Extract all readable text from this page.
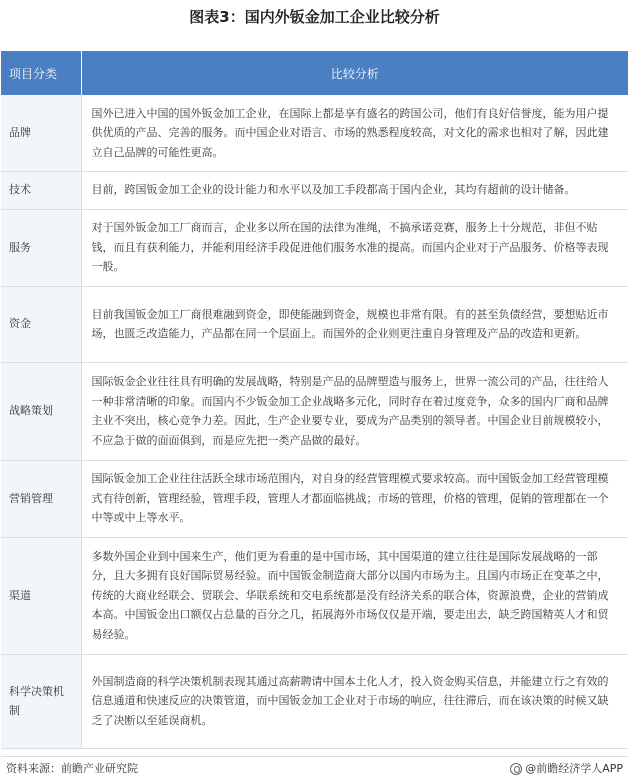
图表3：国内外钣金加工企业比较分析
项目分类	比较分析
品牌	国外已进入中国的国外钣金加工企业，在国际上都是享有盛名的跨国公司，他们有良好信誉度，能为用户提供优质的产品、完善的服务。而中国企业对语言、市场的熟悉程度较高，对文化的需求也相对了解，因此建立自己品牌的可能性更高。
技术	目前，跨国钣金加工企业的设计能力和水平以及加工手段都高于国内企业，其均有超前的设计储备。
服务	对于国外钣金加工厂商而言，企业多以所在国的法律为准绳，不搞承诺竞赛，服务上十分规范，非但不贴钱，而且有获利能力，并能利用经济手段促进他们服务水准的提高。而国内企业对于产品服务、价格等表现一般。
资金	目前我国钣金加工厂商很难融到资金，即使能融到资金，规模也非常有限。有的甚至负债经营，要想贴近市场，也匮乏改造能力，产品都在同一个层面上。而国外的企业则更注重自身管理及产品的改造和更新。
战略策划	国际钣金企业往往具有明确的发展战略，特别是产品的品牌塑造与服务上，世界一流公司的产品，往往给人一种非常清晰的印象。而国内不少钣金加工企业战略多元化，同时存在着过度竞争，众多的国内厂商和品牌主业不突出，核心竞争力差。因此，生产企业要专业，要成为产品类别的领导者。中国企业目前规模较小，不应急于做的面面俱到，而是应先把一类产品做的最好。
营销管理	国际钣金加工企业往往活跃全球市场范围内，对自身的经营管理模式要求较高。而中国钣金加工经营管理模式有待创新，管理经验，管理手段，管理人才都面临挑战；市场的管理，价格的管理，促销的管理都在一个中等或中上等水平。
渠道	多数外国企业到中国来生产，他们更为看重的是中国市场，其中国渠道的建立往往是国际发展战略的一部分，且大多拥有良好国际贸易经验。而中国钣金制造商大部分以国内市场为主。且国内市场正在变革之中，传统的大商业经联会、贸联会、华联系统和交电系统都是没有经济关系的联合体，资源浪费，企业的营销成本高。中国钣金出口额仅占总量的百分之几，拓展海外市场仅仅是开端，要走出去，缺乏跨国精英人才和贸易经验。
科学决策机制	外国制造商的科学决策机制表现其通过高薪聘请中国本土化人才，投入资金购买信息，并能建立行之有效的信息通道和快速反应的决策管道，而中国钣金加工企业对于市场的响应，往往滞后，而在该决策的时候又缺乏了决断以至延误商机。
资料来源：前瞻产业研究院	@前瞻经济学人APP
